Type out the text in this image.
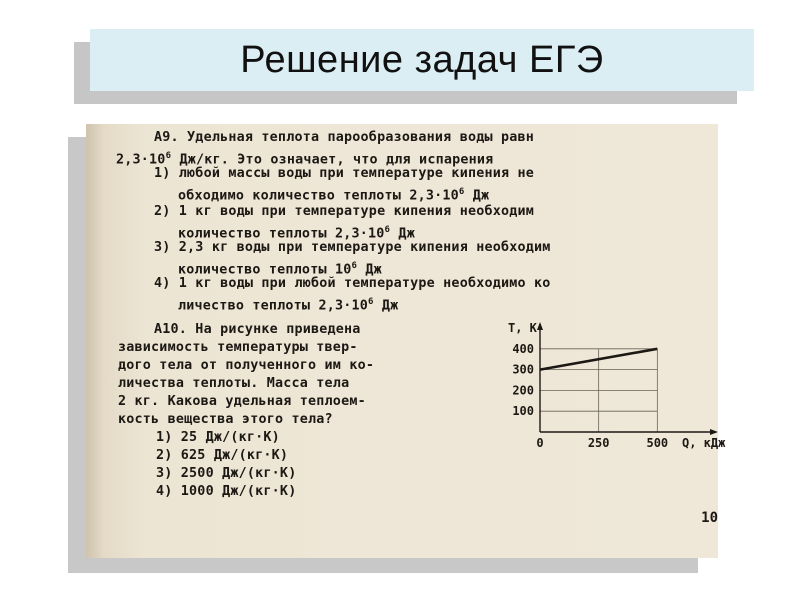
Решение задач ЕГЭ
А9. Удельная теплота парообразования воды равн
$2,3\cdot 10^6$ Дж/кг. Это означает, что для испарения
1) любой массы воды при температуре кипения не
обходимо количество теплоты $2,3\cdot 10^6$ Дж
2) 1 кг воды при температуре кипения необходим
количество теплоты $2,3\cdot 10^6$ Дж
3) 2,3 кг воды при температуре кипения необходим
количество теплоты $10^6$ Дж
4) 1 кг воды при любой температуре необходимо ко
личество теплоты $2,3\cdot 10^6$ Дж
А10. На рисунке приведена
зависимость температуры твер-
дого тела от полученного им ко-
личества теплоты. Масса тела
2 кг. Какова удельная теплоем-
кость вещества этого тела?
1) 25 Дж/(кг·К)
2) 625 Дж/(кг·К)
3) 2500 Дж/(кг·К)
4) 1000 Дж/(кг·К)
100
200
300
400
0	250	500
T, К
Q, кДж
10
